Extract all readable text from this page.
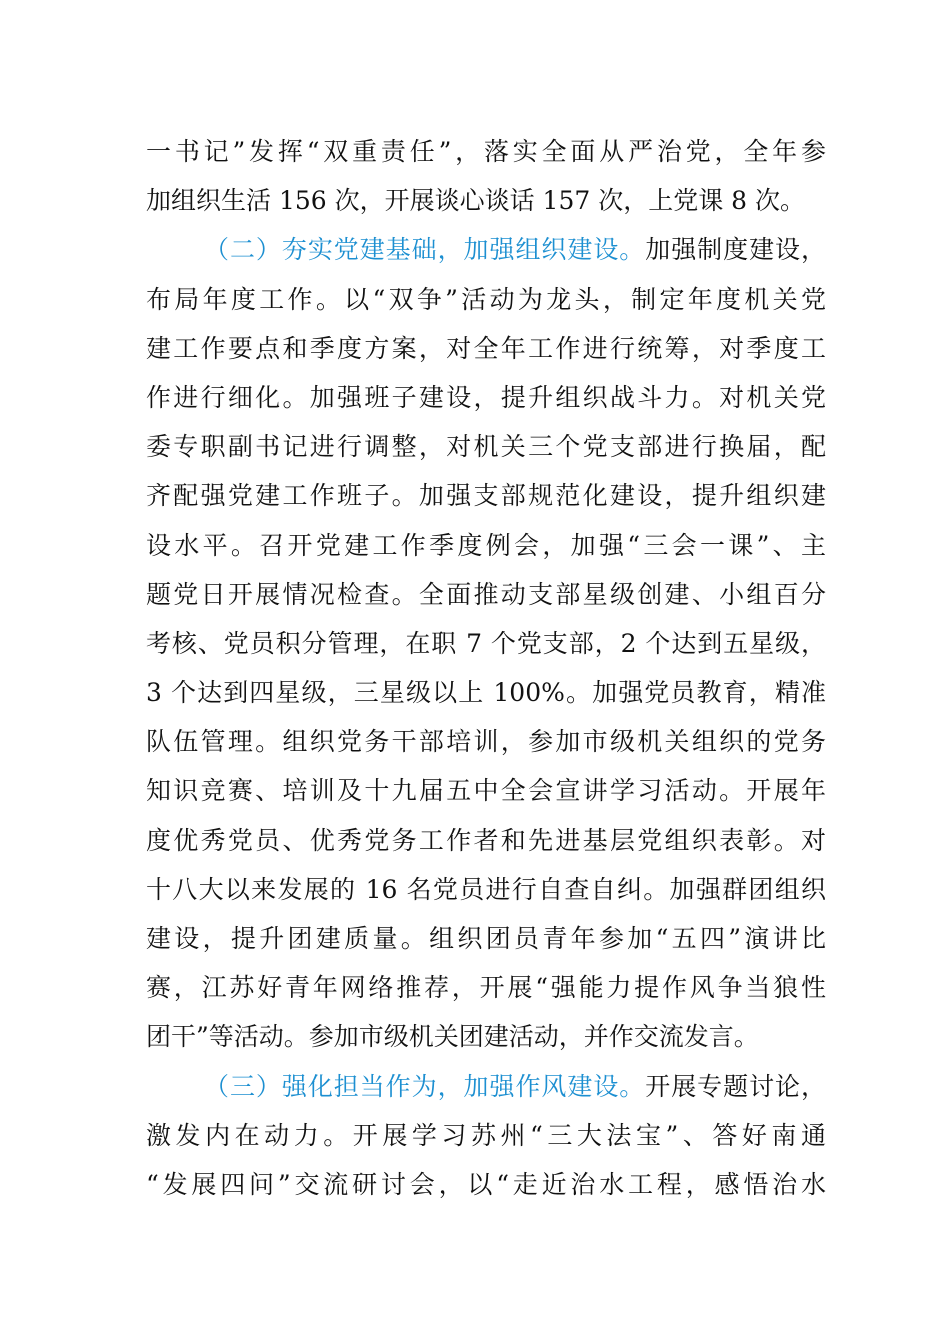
一书记”发挥“双重责任”，落实全面从严治党，全年参
加组织生活 156 次，开展谈心谈话 157 次，上党课 8 次。
（二）夯实党建基础，加强组织建设。加强制度建设，
布局年度工作。以“双争”活动为龙头，制定年度机关党
建工作要点和季度方案，对全年工作进行统筹，对季度工
作进行细化。加强班子建设，提升组织战斗力。对机关党
委专职副书记进行调整，对机关三个党支部进行换届，配
齐配强党建工作班子。加强支部规范化建设，提升组织建
设水平。召开党建工作季度例会，加强“三会一课”、主
题党日开展情况检查。全面推动支部星级创建、小组百分
考核、党员积分管理，在职 7 个党支部，2 个达到五星级，
3 个达到四星级，三星级以上 100%。加强党员教育，精准
队伍管理。组织党务干部培训，参加市级机关组织的党务
知识竞赛、培训及十九届五中全会宣讲学习活动。开展年
度优秀党员、优秀党务工作者和先进基层党组织表彰。对
十八大以来发展的 16 名党员进行自查自纠。加强群团组织
建设，提升团建质量。组织团员青年参加“五四”演讲比
赛，江苏好青年网络推荐，开展“强能力提作风争当狼性
团干”等活动。参加市级机关团建活动，并作交流发言。
（三）强化担当作为，加强作风建设。开展专题讨论，
激发内在动力。开展学习苏州“三大法宝”、答好南通
“发展四问”交流研讨会，以“走近治水工程，感悟治水
